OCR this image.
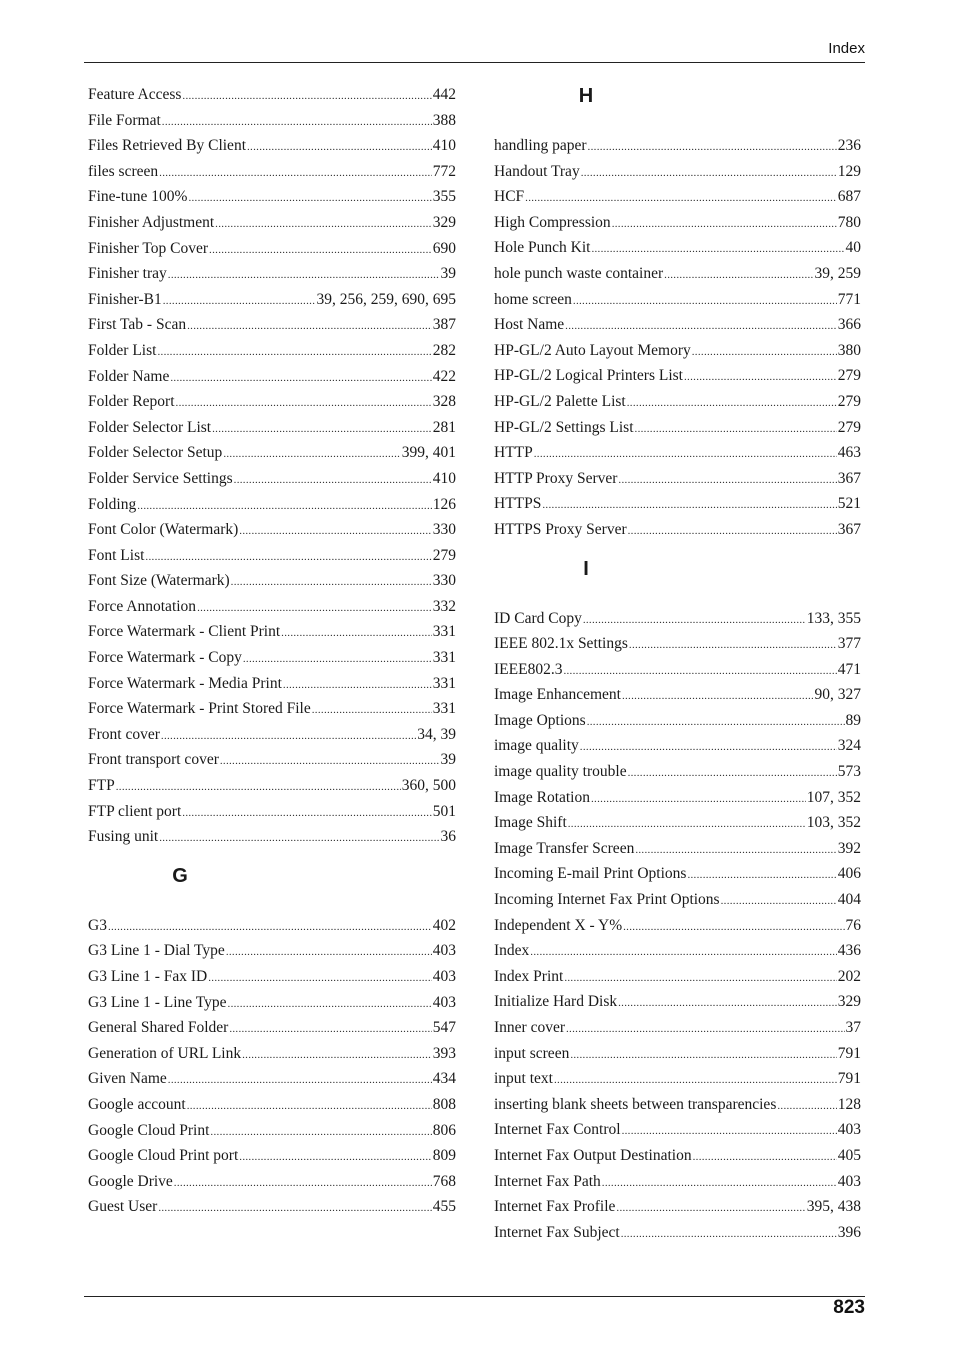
Index
Feature Access .....	442
File Format .....	388
Files Retrieved By Client .....	410
files screen .....	772
Fine-tune 100% .....	355
Finisher Adjustment .....	329
Finisher Top Cover .....	690
Finisher tray .....	39
Finisher-B1 .....	39, 256, 259, 690, 695
First Tab - Scan .....	387
Folder List .....	282
Folder Name .....	422
Folder Report .....	328
Folder Selector List .....	281
Folder Selector Setup .....	399, 401
Folder Service Settings .....	410
Folding .....	126
Font Color (Watermark) .....	330
Font List .....	279
Font Size (Watermark) .....	330
Force Annotation .....	332
Force Watermark - Client Print .....	331
Force Watermark - Copy .....	331
Force Watermark - Media Print .....	331
Force Watermark - Print Stored File .....	331
Front cover .....	34, 39
Front transport cover .....	39
FTP .....	360, 500
FTP client port .....	501
Fusing unit .....	36
G
G3 .....	402
G3 Line 1 - Dial Type .....	403
G3 Line 1 - Fax ID .....	403
G3 Line 1 - Line Type .....	403
General Shared Folder .....	547
Generation of URL Link .....	393
Given Name .....	434
Google account .....	808
Google Cloud Print .....	806
Google Cloud Print port .....	809
Google Drive .....	768
Guest User .....	455
H
handling paper .....	236
Handout Tray .....	129
HCF .....	687
High Compression .....	780
Hole Punch Kit .....	40
hole punch waste container .....	39, 259
home screen .....	771
Host Name .....	366
HP-GL/2 Auto Layout Memory .....	380
HP-GL/2 Logical Printers List .....	279
HP-GL/2 Palette List .....	279
HP-GL/2 Settings List .....	279
HTTP .....	463
HTTP Proxy Server .....	367
HTTPS .....	521
HTTPS Proxy Server .....	367
I
ID Card Copy .....	133, 355
IEEE 802.1x Settings .....	377
IEEE802.3 .....	471
Image Enhancement .....	90, 327
Image Options .....	89
image quality .....	324
image quality trouble .....	573
Image Rotation .....	107, 352
Image Shift .....	103, 352
Image Transfer Screen .....	392
Incoming E-mail Print Options .....	406
Incoming Internet Fax Print Options .....	404
Independent X - Y% .....	76
Index .....	436
Index Print .....	202
Initialize Hard Disk .....	329
Inner cover .....	37
input screen .....	791
input text .....	791
inserting blank sheets between transparencies .....	128
Internet Fax Control .....	403
Internet Fax Output Destination .....	405
Internet Fax Path .....	403
Internet Fax Profile .....	395, 438
Internet Fax Subject .....	396
823
